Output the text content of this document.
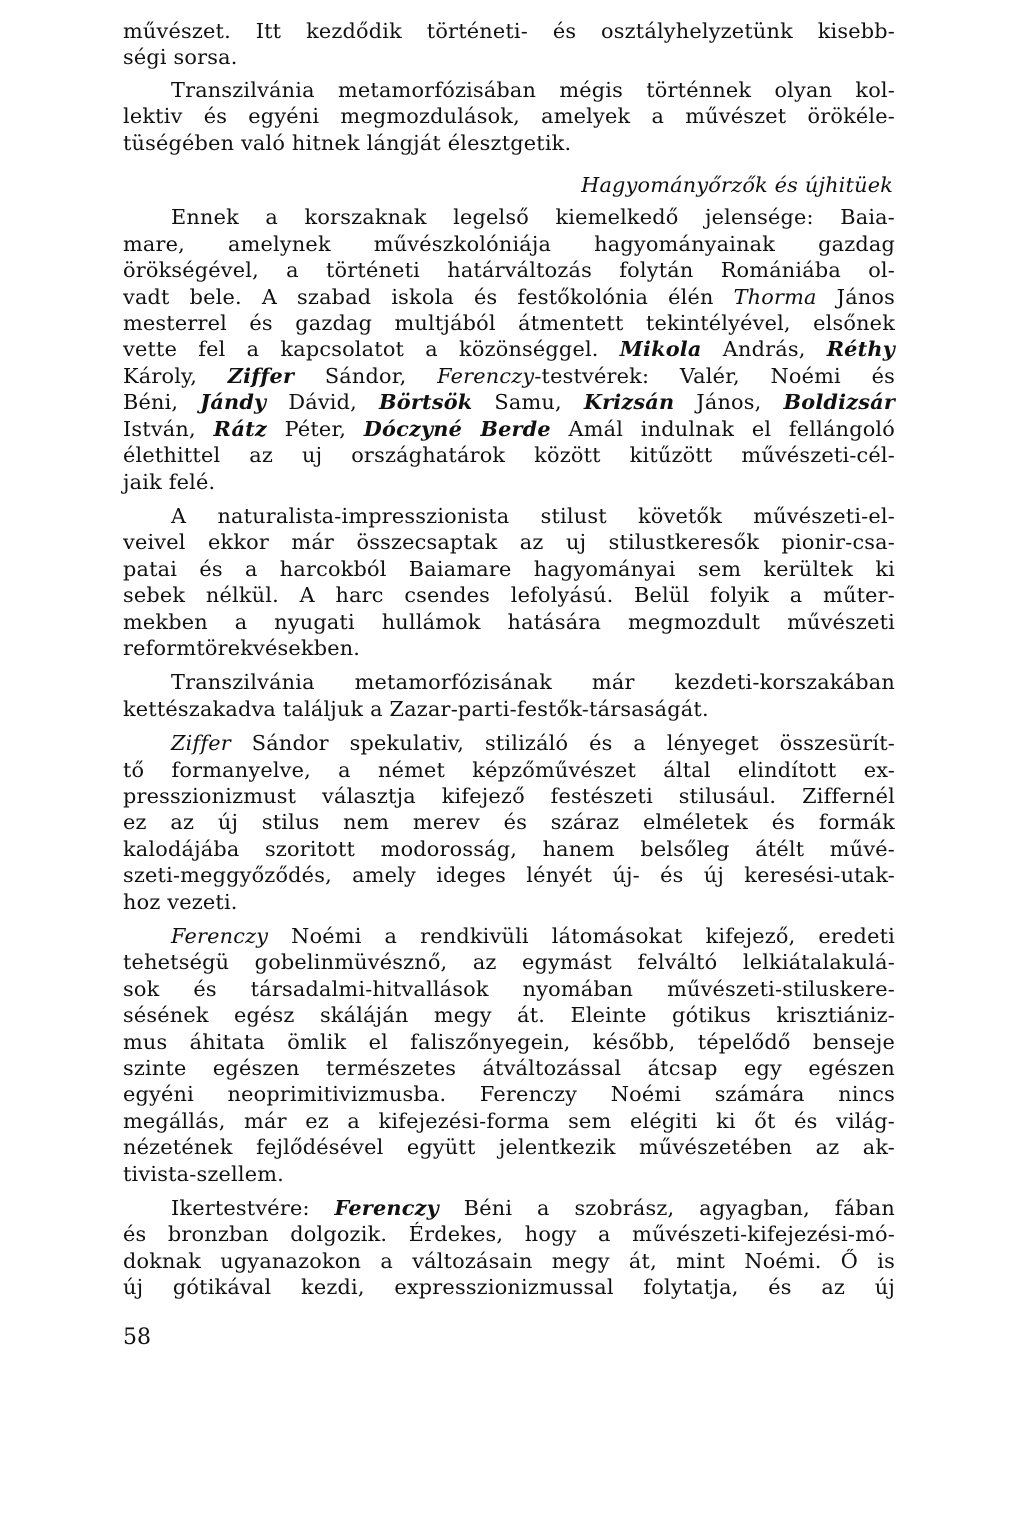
művészet. Itt kezdődik történeti- és osztályhelyzetünk kisebb-
ségi sorsa.
Transzilvánia metamorfózisában mégis történnek olyan kol-
lektiv és egyéni megmozdulások, amelyek a művészet örökéle-
tüségében való hitnek lángját élesztgetik.
Hagyományőrzők és újhitüek
Ennek a korszaknak legelső kiemelkedő jelensége: Baia-
mare, amelynek művészkolóniája hagyományainak gazdag
örökségével, a történeti határváltozás folytán Romániába ol-
vadt bele. A szabad iskola és festőkolónia élén Thorma János
mesterrel és gazdag multjából átmentett tekintélyével, elsőnek
vette fel a kapcsolatot a közönséggel. Mikola András, Réthy
Károly, Ziffer Sándor, Ferenczy-testvérek: Valér, Noémi és
Béni, Jándy Dávid, Börtsök Samu, Krizsán János, Boldizsár
István, Rátz Péter, Dóczyné Berde Amál indulnak el fellángoló
élethittel az uj országhatárok között kitűzött művészeti-cél-
jaik felé.
A naturalista-impresszionista stilust követők művészeti-el-
veivel ekkor már összecsaptak az uj stilustkeresők pionir-csa-
patai és a harcokból Baiamare hagyományai sem kerültek ki
sebek nélkül. A harc csendes lefolyású. Belül folyik a műter-
mekben a nyugati hullámok hatására megmozdult művészeti
reformtörekvésekben.
Transzilvánia metamorfózisának már kezdeti-korszakában
kettészakadva találjuk a Zazar-parti-festők-társaságát.
Ziffer Sándor spekulativ, stilizáló és a lényeget összesürít-
tő formanyelve, a német képzőművészet által elindított ex-
presszionizmust választja kifejező festészeti stilusául. Ziffernél
ez az új stilus nem merev és száraz elméletek és formák
kalodájába szoritott modorosság, hanem belsőleg átélt művé-
szeti-meggyőződés, amely ideges lényét új- és új keresési-utak-
hoz vezeti.
Ferenczy Noémi a rendkivüli látomásokat kifejező, eredeti
tehetségü gobelinmüvésznő, az egymást felváltó lelkiátalakulá-
sok és társadalmi-hitvallások nyomában művészeti-stiluskere-
sésének egész skáláján megy át. Eleinte gótikus krisztiániz-
mus áhitata ömlik el faliszőnyegein, később, tépelődő benseje
szinte egészen természetes átváltozással átcsap egy egészen
egyéni neoprimitivizmusba. Ferenczy Noémi számára nincs
megállás, már ez a kifejezési-forma sem elégiti ki őt és világ-
nézetének fejlődésével együtt jelentkezik művészetében az ak-
tivista-szellem.
Ikertestvére: Ferenczy Béni a szobrász, agyagban, fában
és bronzban dolgozik. Érdekes, hogy a művészeti-kifejezési-mó-
doknak ugyanazokon a változásain megy át, mint Noémi. Ő is
új gótikával kezdi, expresszionizmussal folytatja, és az új
58
